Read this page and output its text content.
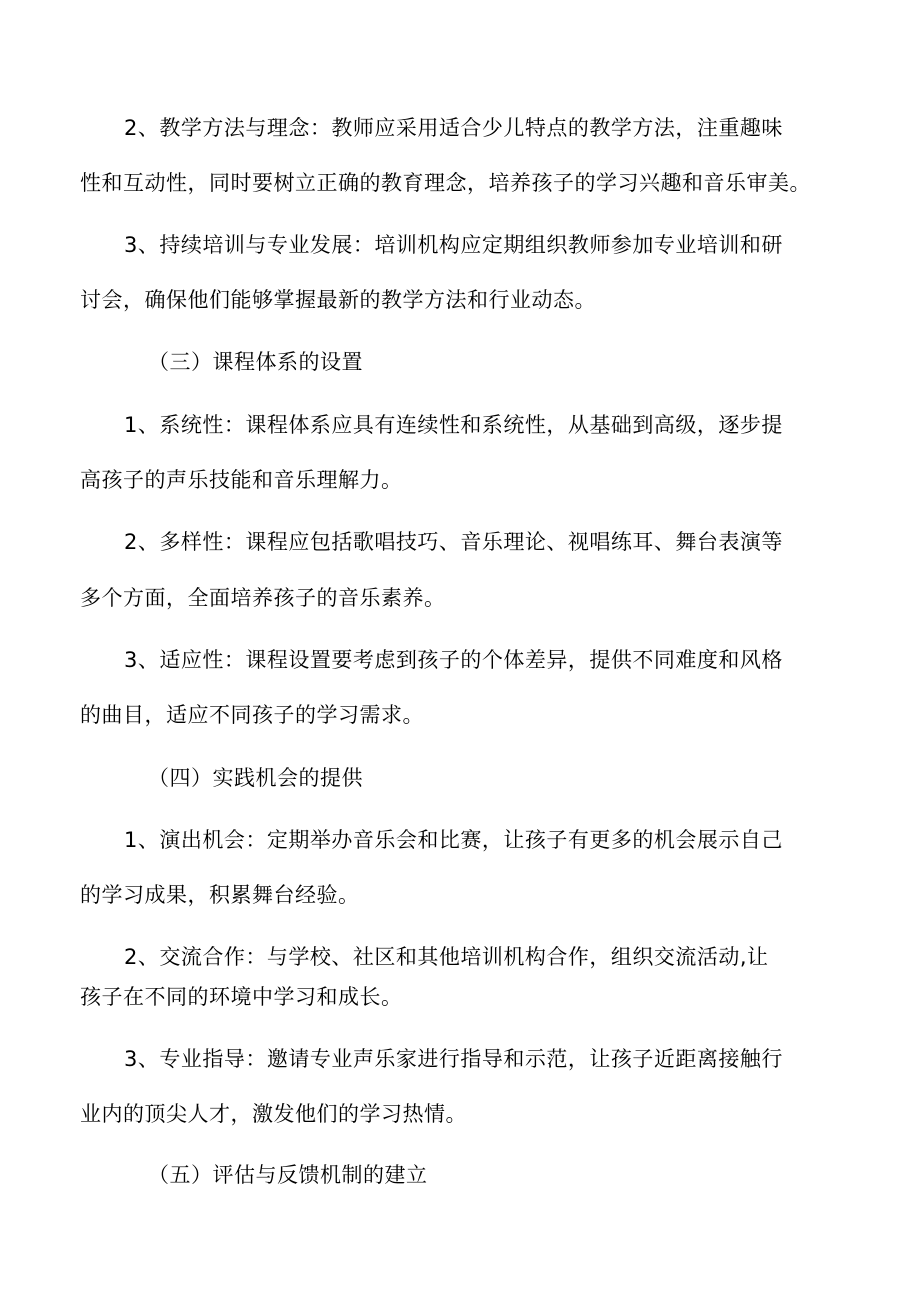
2、教学方法与理念：教师应采用适合少儿特点的教学方法，注重趣味
性和互动性，同时要树立正确的教育理念，培养孩子的学习兴趣和音乐审美。
3、持续培训与专业发展：培训机构应定期组织教师参加专业培训和研
讨会，确保他们能够掌握最新的教学方法和行业动态。
（三）课程体系的设置
1、系统性：课程体系应具有连续性和系统性，从基础到高级，逐步提
高孩子的声乐技能和音乐理解力。
2、多样性：课程应包括歌唱技巧、音乐理论、视唱练耳、舞台表演等
多个方面，全面培养孩子的音乐素养。
3、适应性：课程设置要考虑到孩子的个体差异，提供不同难度和风格
的曲目，适应不同孩子的学习需求。
（四）实践机会的提供
1、演出机会：定期举办音乐会和比赛，让孩子有更多的机会展示自己
的学习成果，积累舞台经验。
2、交流合作：与学校、社区和其他培训机构合作，组织交流活动,让
孩子在不同的环境中学习和成长。
3、专业指导：邀请专业声乐家进行指导和示范，让孩子近距离接触行
业内的顶尖人才，激发他们的学习热情。
（五）评估与反馈机制的建立
